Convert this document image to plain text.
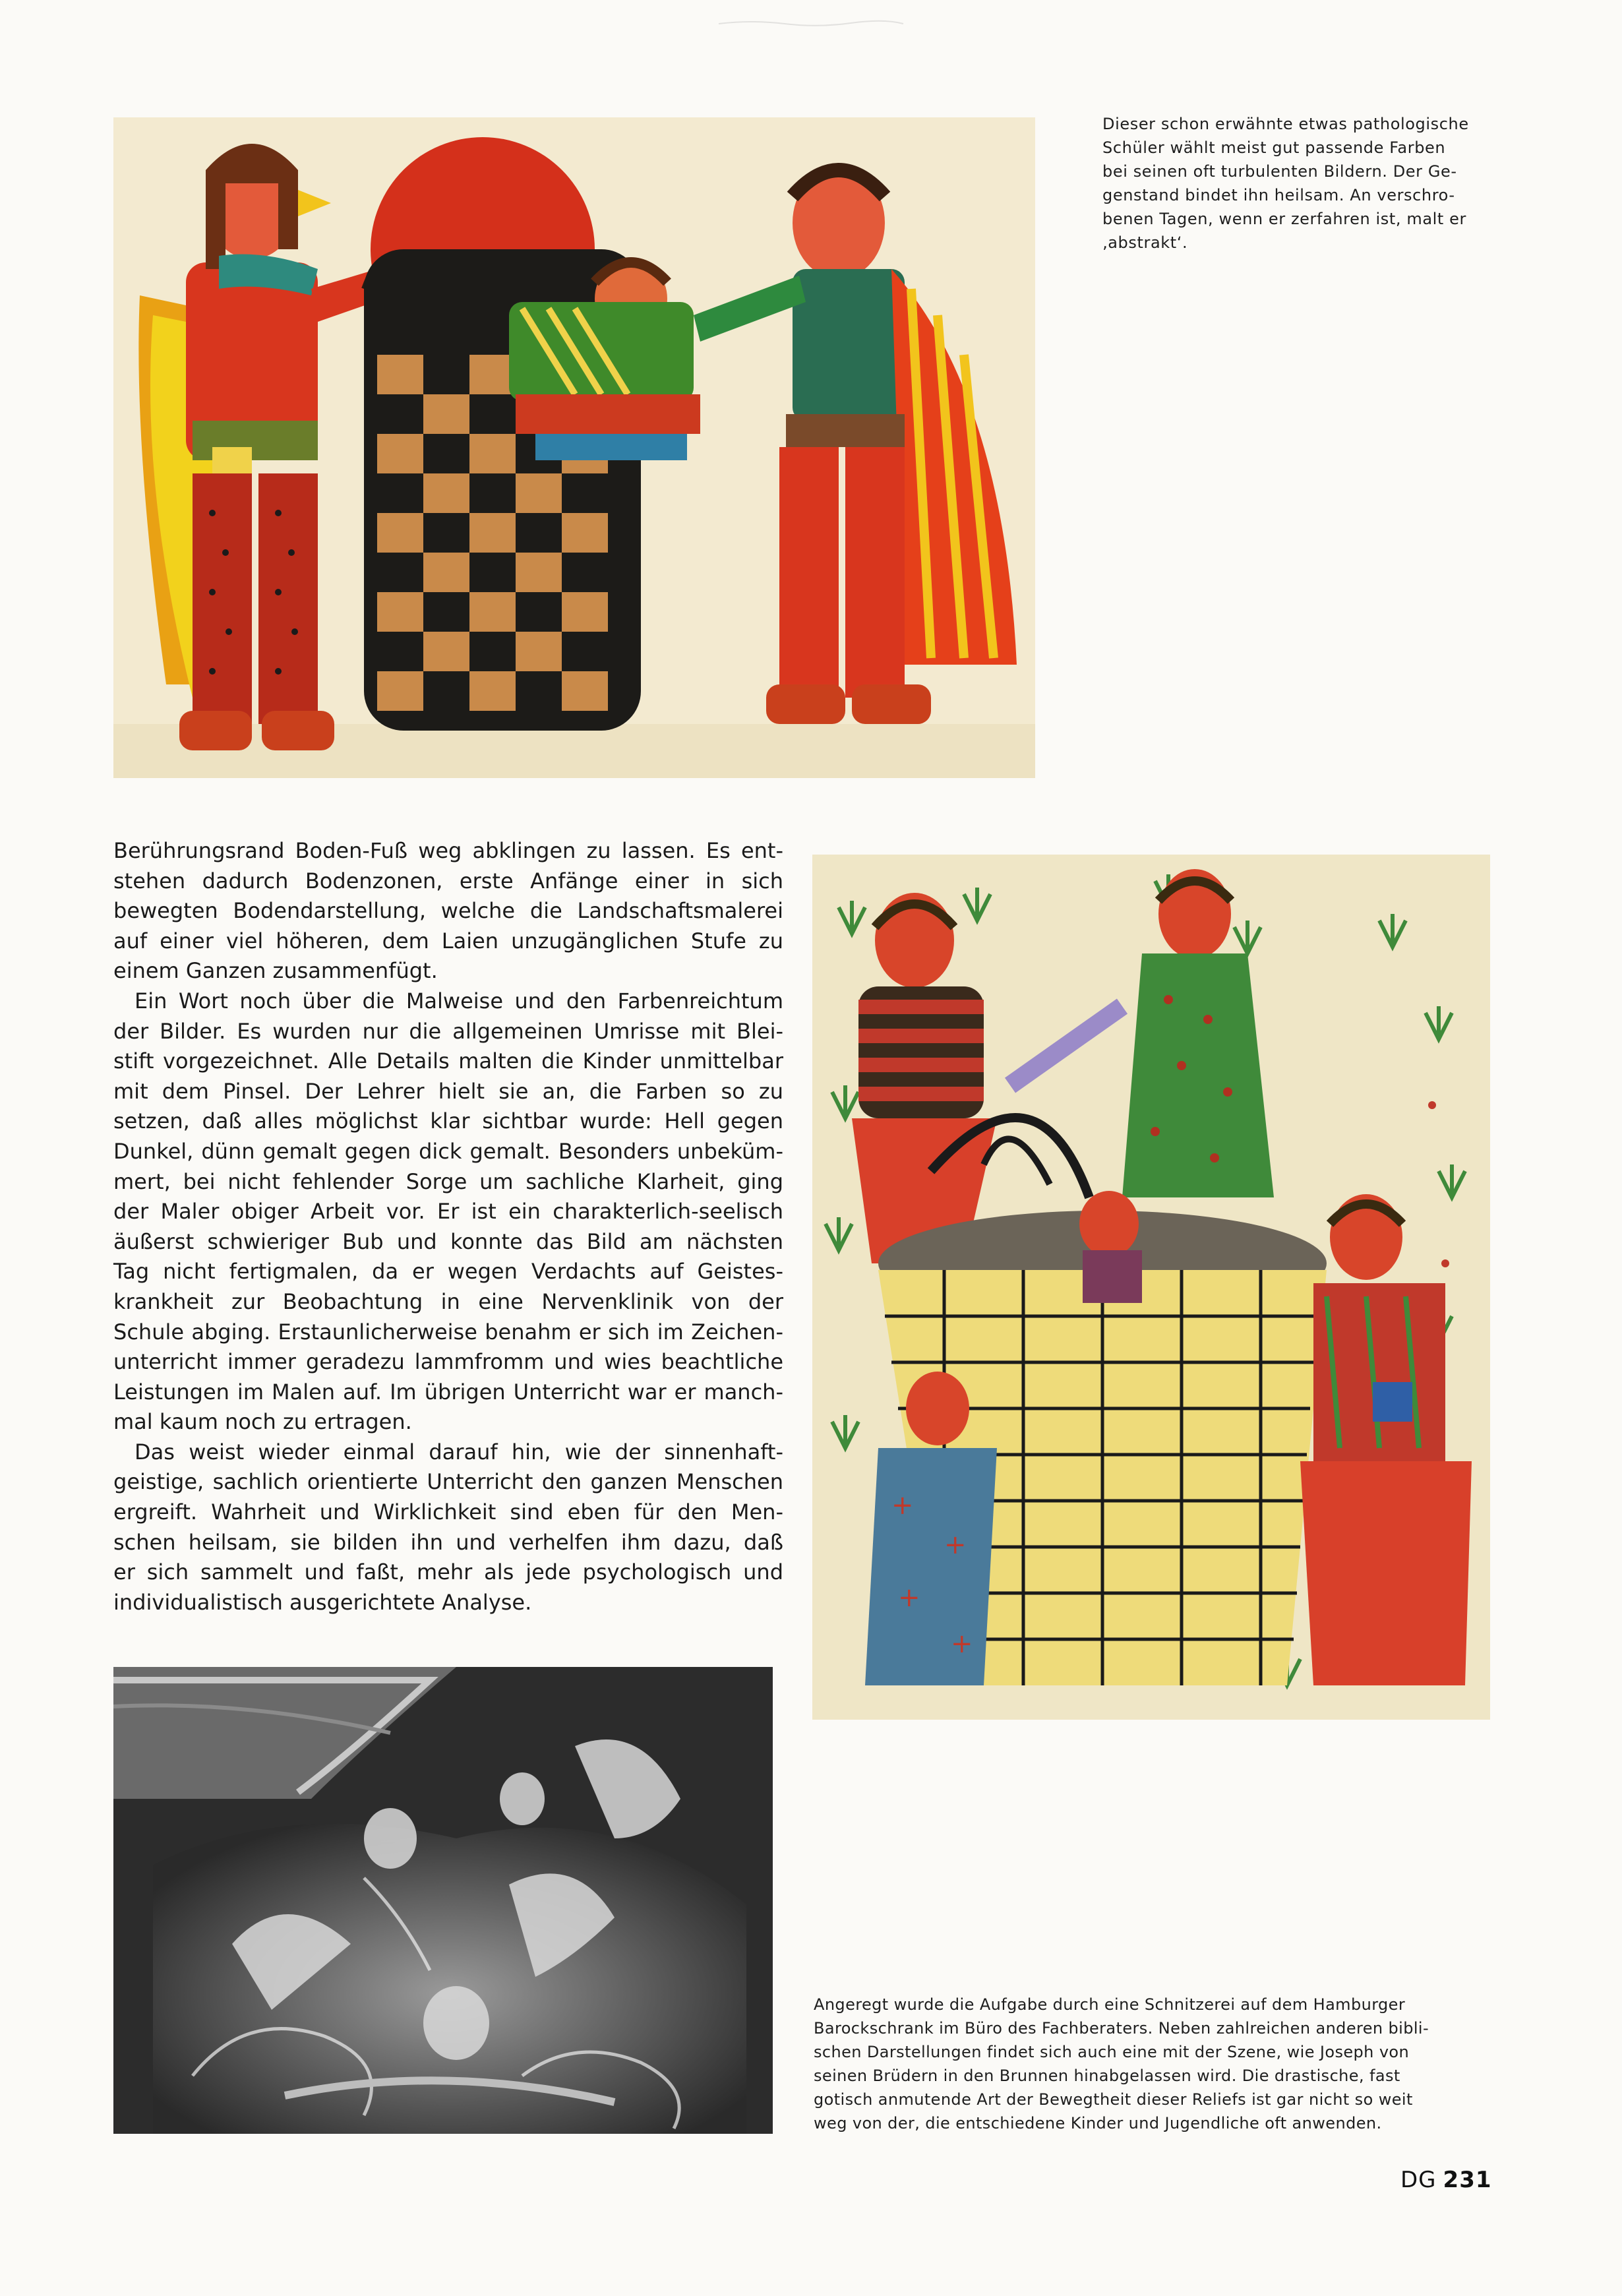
Dieser schon erwähnte etwas pathologische
Schüler wählt meist gut passende Farben
bei seinen oft turbulenten Bildern. Der Ge-
genstand bindet ihn heilsam. An verschro-
benen Tagen, wenn er zerfahren ist, malt er
‚abstrakt‘.

Berührungsrand Boden-Fuß weg abklingen zu lassen. Es ent-

stehen dadurch Bodenzonen, erste Anfänge einer in sich

bewegten Bodendarstellung, welche die Landschaftsmalerei

auf einer viel höheren, dem Laien unzugänglichen Stufe zu

einem Ganzen zusammenfügt.

Ein Wort noch über die Malweise und den Farbenreichtum

der Bilder. Es wurden nur die allgemeinen Umrisse mit Blei-

stift vorgezeichnet. Alle Details malten die Kinder unmittelbar

mit dem Pinsel. Der Lehrer hielt sie an, die Farben so zu

setzen, daß alles möglichst klar sichtbar wurde: Hell gegen

Dunkel, dünn gemalt gegen dick gemalt. Besonders unbeküm-

mert, bei nicht fehlender Sorge um sachliche Klarheit, ging

der Maler obiger Arbeit vor. Er ist ein charakterlich-seelisch

äußerst schwieriger Bub und konnte das Bild am nächsten

Tag nicht fertigmalen, da er wegen Verdachts auf Geistes-

krankheit zur Beobachtung in eine Nervenklinik von der

Schule abging. Erstaunlicherweise benahm er sich im Zeichen-

unterricht immer geradezu lammfromm und wies beachtliche

Leistungen im Malen auf. Im übrigen Unterricht war er manch-

mal kaum noch zu ertragen.

Das weist wieder einmal darauf hin, wie der sinnenhaft-

geistige, sachlich orientierte Unterricht den ganzen Menschen

ergreift. Wahrheit und Wirklichkeit sind eben für den Men-

schen heilsam, sie bilden ihn und verhelfen ihm dazu, daß

er sich sammelt und faßt, mehr als jede psychologisch und

individualistisch ausgerichtete Analyse.

+
+
+
+
Angeregt wurde die Aufgabe durch eine Schnitzerei auf dem Hamburger
Barockschrank im Büro des Fachberaters. Neben zahlreichen anderen bibli-
schen Darstellungen findet sich auch eine mit der Szene, wie Joseph von
seinen Brüdern in den Brunnen hinabgelassen wird. Die drastische, fast
gotisch anmutende Art der Bewegtheit dieser Reliefs ist gar nicht so weit
weg von der, die entschiedene Kinder und Jugendliche oft anwenden.
DG 231
